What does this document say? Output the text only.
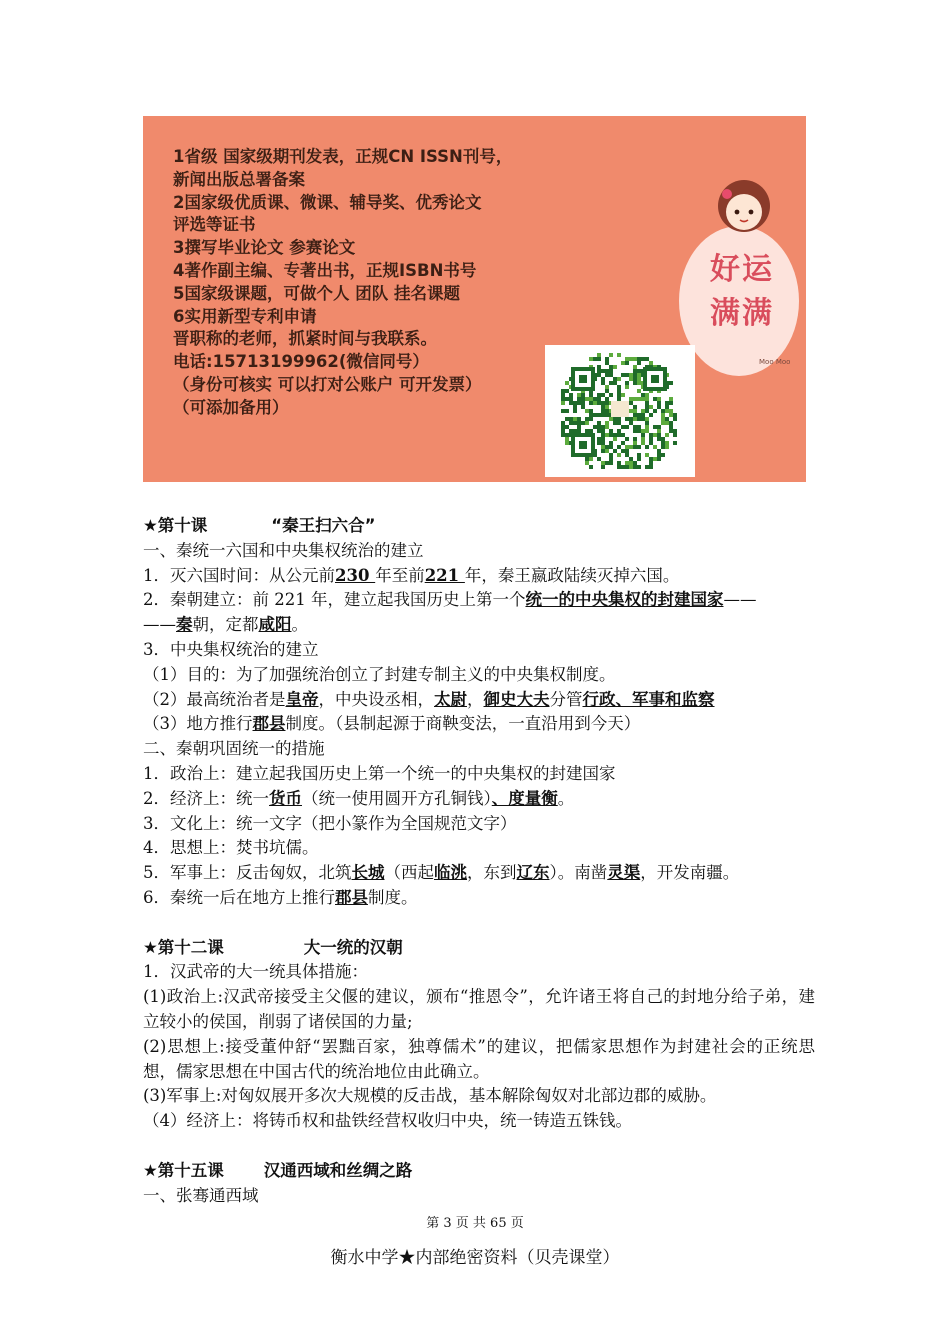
1省级 国家级期刊发表，正规CN ISSN刊号，
新闻出版总署备案
2国家级优质课、微课、辅导奖、优秀论文
评选等证书
3撰写毕业论文 参赛论文
4著作副主编、专著出书，正规ISBN书号
5国家级课题，可做个人 团队 挂名课题
6实用新型专利申请
晋职称的老师，抓紧时间与我联系。
电话:15713199962(微信同号）
（身份可核实 可以打对公账户 可开发票）
（可添加备用）
好运
满满
Moo Moo
★第十课	“秦王扫六合”
一、秦统一六国和中央集权统治的建立
1．灭六国时间：从公元前230 年至前221 年，秦王嬴政陆续灭掉六国。
2．秦朝建立：前 221 年，建立起我国历史上第一个统一的中央集权的封建国家——
——秦朝，定都咸阳。
3．中央集权统治的建立
（1）目的：为了加强统治创立了封建专制主义的中央集权制度。
（2）最高统治者是皇帝，中央设丞相，太尉，御史大夫分管行政、军事和监察
（3）地方推行郡县制度。（县制起源于商鞅变法，一直沿用到今天）
二、秦朝巩固统一的措施
1．政治上：建立起我国历史上第一个统一的中央集权的封建国家
2．经济上：统一货币（统一使用圆开方孔铜钱）、度量衡。
3．文化上：统一文字（把小篆作为全国规范文字）
4．思想上：焚书坑儒。
5．军事上：反击匈奴，北筑长城（西起临洮，东到辽东）。南凿灵渠，开发南疆。
6．秦统一后在地方上推行郡县制度。
★第十二课	大一统的汉朝
1．汉武帝的大一统具体措施：
(1)政治上:汉武帝接受主父偃的建议，颁布“推恩令”，允许诸王将自己的封地分给子弟，建立较小的侯国，削弱了诸侯国的力量;
(2)思想上:接受董仲舒“罢黜百家，独尊儒术”的建议，把儒家思想作为封建社会的正统思想，儒家思想在中国古代的统治地位由此确立。
(3)军事上:对匈奴展开多次大规模的反击战，基本解除匈奴对北部边郡的威胁。
（4）经济上：将铸币权和盐铁经营权收归中央，统一铸造五铢钱。
★第十五课 汉通西域和丝绸之路
一、张骞通西域
第 3 页 共 65 页
衡水中学★内部绝密资料（贝壳课堂）
